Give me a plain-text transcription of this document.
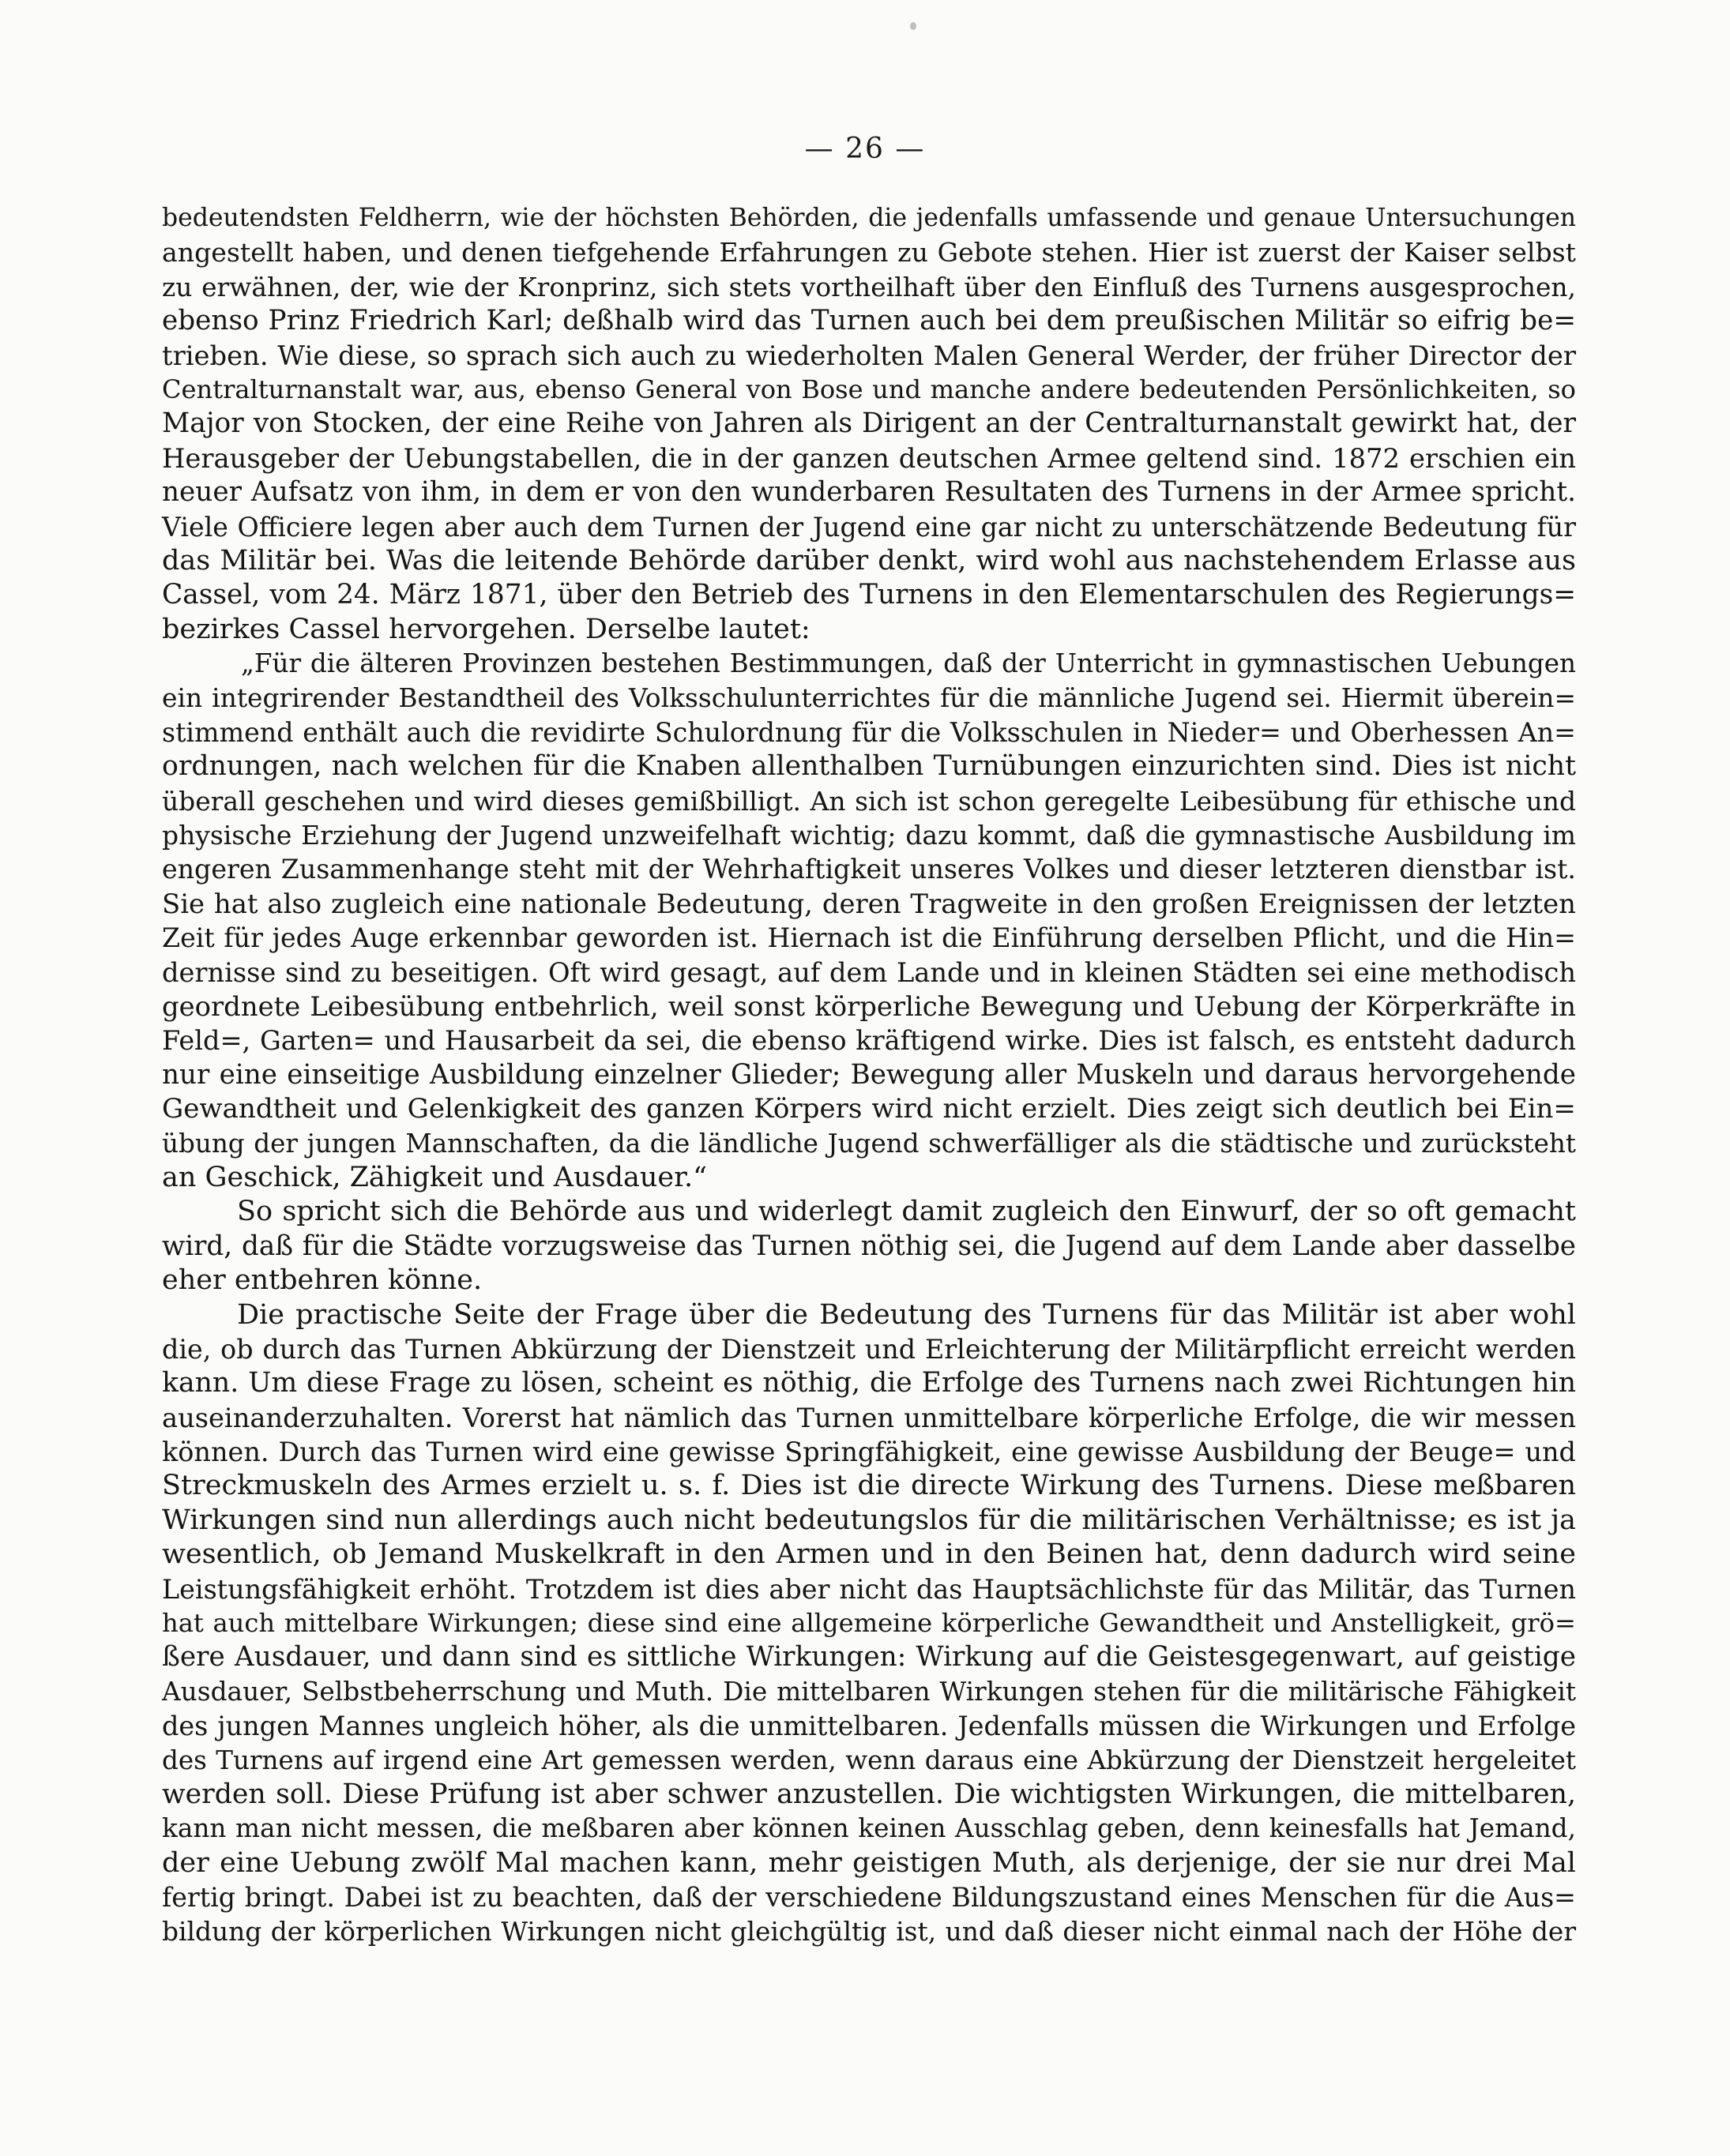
— 26 —
bedeutendsten Feldherrn, wie der höchsten Behörden, die jedenfalls umfassende und genaue Untersuchungen
angestellt haben, und denen tiefgehende Erfahrungen zu Gebote stehen. Hier ist zuerst der Kaiser selbst
zu erwähnen, der, wie der Kronprinz, sich stets vortheilhaft über den Einfluß des Turnens ausgesprochen,
ebenso Prinz Friedrich Karl; deßhalb wird das Turnen auch bei dem preußischen Militär so eifrig be=
trieben. Wie diese, so sprach sich auch zu wiederholten Malen General Werder, der früher Director der
Centralturnanstalt war, aus, ebenso General von Bose und manche andere bedeutenden Persönlichkeiten, so
Major von Stocken, der eine Reihe von Jahren als Dirigent an der Centralturnanstalt gewirkt hat, der
Herausgeber der Uebungstabellen, die in der ganzen deutschen Armee geltend sind. 1872 erschien ein
neuer Aufsatz von ihm, in dem er von den wunderbaren Resultaten des Turnens in der Armee spricht.
Viele Officiere legen aber auch dem Turnen der Jugend eine gar nicht zu unterschätzende Bedeutung für
das Militär bei. Was die leitende Behörde darüber denkt, wird wohl aus nachstehendem Erlasse aus
Cassel, vom 24. März 1871, über den Betrieb des Turnens in den Elementarschulen des Regierungs=
bezirkes Cassel hervorgehen. Derselbe lautet:
„Für die älteren Provinzen bestehen Bestimmungen, daß der Unterricht in gymnastischen Uebungen
ein integrirender Bestandtheil des Volksschulunterrichtes für die männliche Jugend sei. Hiermit überein=
stimmend enthält auch die revidirte Schulordnung für die Volksschulen in Nieder= und Oberhessen An=
ordnungen, nach welchen für die Knaben allenthalben Turnübungen einzurichten sind. Dies ist nicht
überall geschehen und wird dieses gemißbilligt. An sich ist schon geregelte Leibesübung für ethische und
physische Erziehung der Jugend unzweifelhaft wichtig; dazu kommt, daß die gymnastische Ausbildung im
engeren Zusammenhange steht mit der Wehrhaftigkeit unseres Volkes und dieser letzteren dienstbar ist.
Sie hat also zugleich eine nationale Bedeutung, deren Tragweite in den großen Ereignissen der letzten
Zeit für jedes Auge erkennbar geworden ist. Hiernach ist die Einführung derselben Pflicht, und die Hin=
dernisse sind zu beseitigen. Oft wird gesagt, auf dem Lande und in kleinen Städten sei eine methodisch
geordnete Leibesübung entbehrlich, weil sonst körperliche Bewegung und Uebung der Körperkräfte in
Feld=, Garten= und Hausarbeit da sei, die ebenso kräftigend wirke. Dies ist falsch, es entsteht dadurch
nur eine einseitige Ausbildung einzelner Glieder; Bewegung aller Muskeln und daraus hervorgehende
Gewandtheit und Gelenkigkeit des ganzen Körpers wird nicht erzielt. Dies zeigt sich deutlich bei Ein=
übung der jungen Mannschaften, da die ländliche Jugend schwerfälliger als die städtische und zurücksteht
an Geschick, Zähigkeit und Ausdauer.“
So spricht sich die Behörde aus und widerlegt damit zugleich den Einwurf, der so oft gemacht
wird, daß für die Städte vorzugsweise das Turnen nöthig sei, die Jugend auf dem Lande aber dasselbe
eher entbehren könne.
Die practische Seite der Frage über die Bedeutung des Turnens für das Militär ist aber wohl
die, ob durch das Turnen Abkürzung der Dienstzeit und Erleichterung der Militärpflicht erreicht werden
kann. Um diese Frage zu lösen, scheint es nöthig, die Erfolge des Turnens nach zwei Richtungen hin
auseinanderzuhalten. Vorerst hat nämlich das Turnen unmittelbare körperliche Erfolge, die wir messen
können. Durch das Turnen wird eine gewisse Springfähigkeit, eine gewisse Ausbildung der Beuge= und
Streckmuskeln des Armes erzielt u. s. f. Dies ist die directe Wirkung des Turnens. Diese meßbaren
Wirkungen sind nun allerdings auch nicht bedeutungslos für die militärischen Verhältnisse; es ist ja
wesentlich, ob Jemand Muskelkraft in den Armen und in den Beinen hat, denn dadurch wird seine
Leistungsfähigkeit erhöht. Trotzdem ist dies aber nicht das Hauptsächlichste für das Militär, das Turnen
hat auch mittelbare Wirkungen; diese sind eine allgemeine körperliche Gewandtheit und Anstelligkeit, grö=
ßere Ausdauer, und dann sind es sittliche Wirkungen: Wirkung auf die Geistesgegenwart, auf geistige
Ausdauer, Selbstbeherrschung und Muth. Die mittelbaren Wirkungen stehen für die militärische Fähigkeit
des jungen Mannes ungleich höher, als die unmittelbaren. Jedenfalls müssen die Wirkungen und Erfolge
des Turnens auf irgend eine Art gemessen werden, wenn daraus eine Abkürzung der Dienstzeit hergeleitet
werden soll. Diese Prüfung ist aber schwer anzustellen. Die wichtigsten Wirkungen, die mittelbaren,
kann man nicht messen, die meßbaren aber können keinen Ausschlag geben, denn keinesfalls hat Jemand,
der eine Uebung zwölf Mal machen kann, mehr geistigen Muth, als derjenige, der sie nur drei Mal
fertig bringt. Dabei ist zu beachten, daß der verschiedene Bildungszustand eines Menschen für die Aus=
bildung der körperlichen Wirkungen nicht gleichgültig ist, und daß dieser nicht einmal nach der Höhe der
